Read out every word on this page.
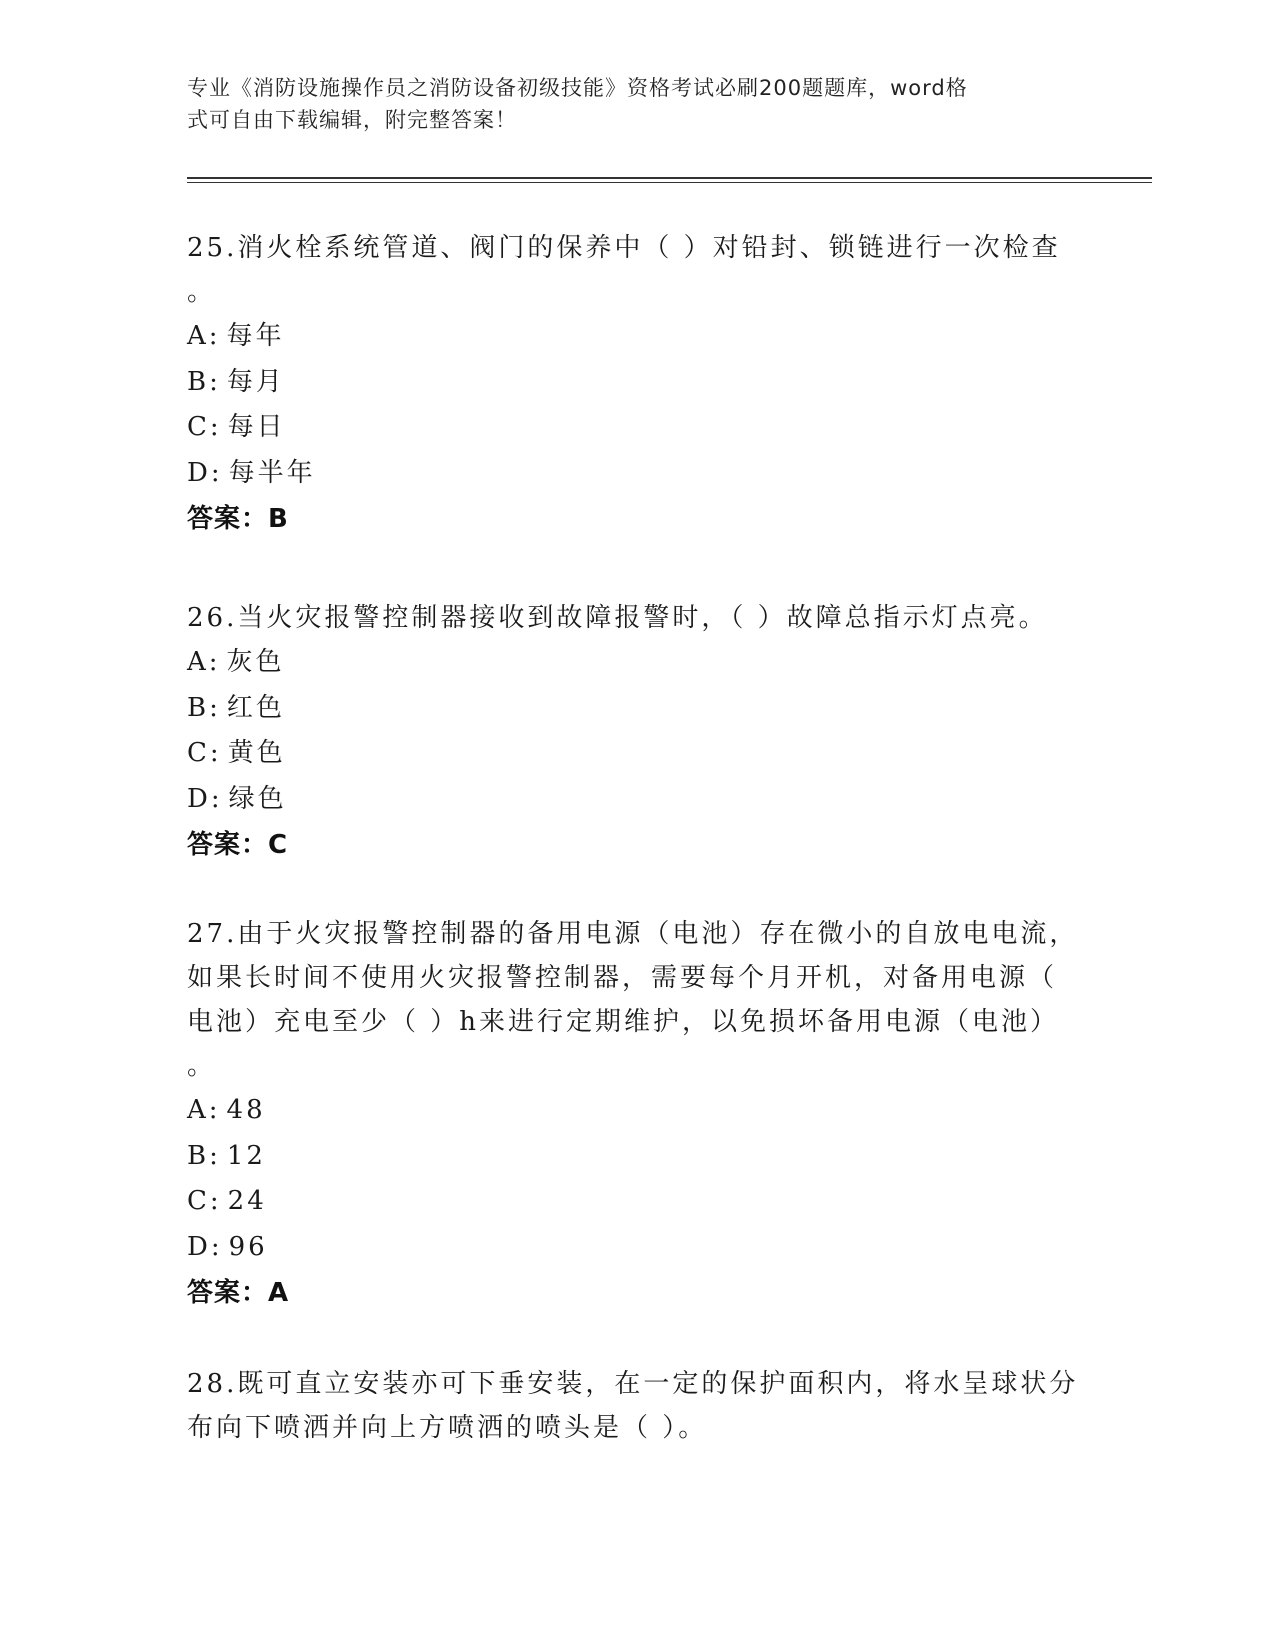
专业《消防设施操作员之消防设备初级技能》资格考试必刷200题题库，word格
式可自由下载编辑，附完整答案！

25.消火栓系统管道、阀门的保养中（ ）对铅封、锁链进行一次检查

。

A: 每年

B: 每月

C: 每日

D: 每半年

答案：B

26.当火灾报警控制器接收到故障报警时，（ ）故障总指示灯点亮。

A: 灰色

B: 红色

C: 黄色

D: 绿色

答案：C

27.由于火灾报警控制器的备用电源（电池）存在微小的自放电电流，

如果长时间不使用火灾报警控制器，需要每个月开机，对备用电源（

电池）充电至少（ ）h来进行定期维护，以免损坏备用电源（电池）

。

A: 48

B: 12

C: 24

D: 96

答案：A

28.既可直立安装亦可下垂安装，在一定的保护面积内，将水呈球状分

布向下喷洒并向上方喷洒的喷头是（ ）。
